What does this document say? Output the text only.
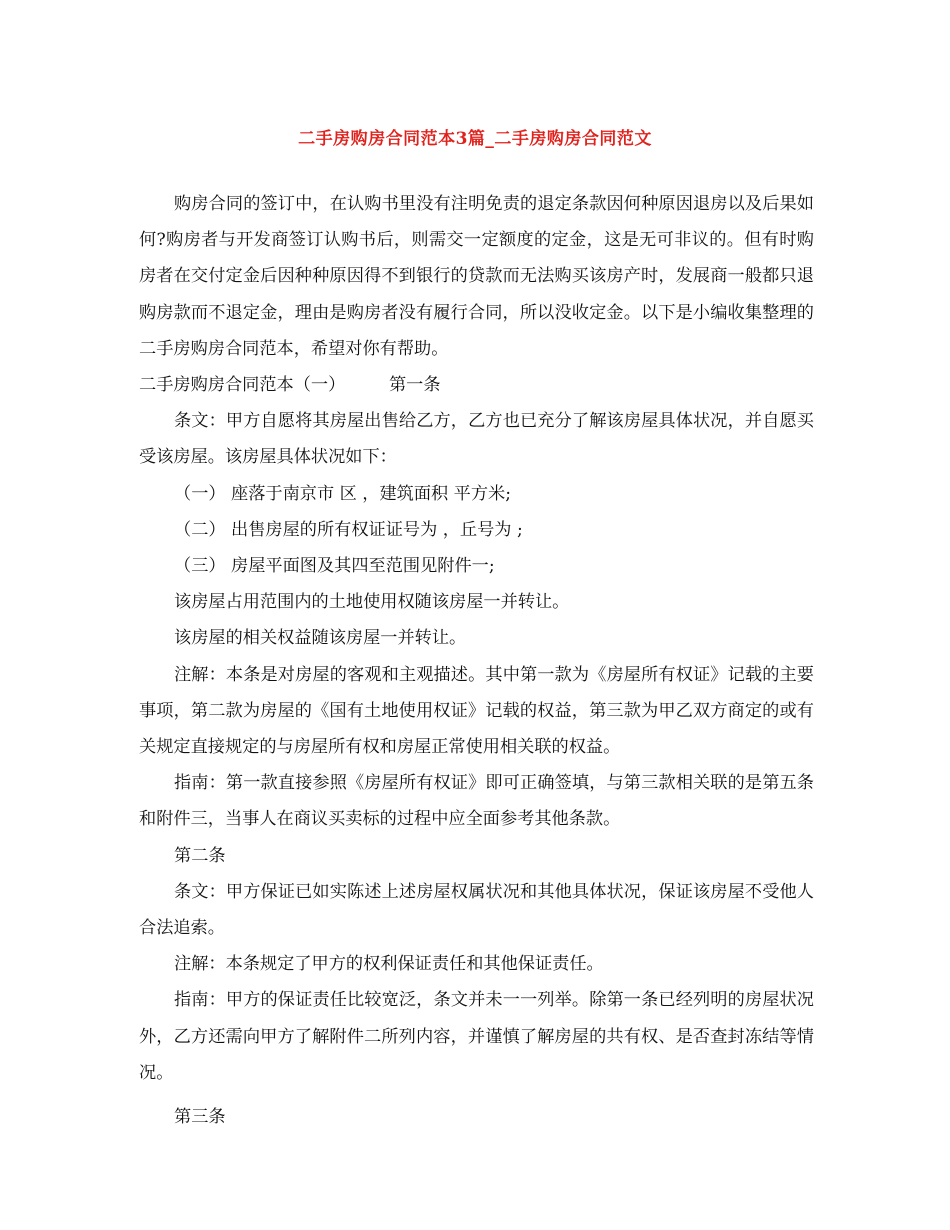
二手房购房合同范本3篇_二手房购房合同范文

购房合同的签订中，在认购书里没有注明免责的退定条款因何种原因退房以及后果如何?购房者与开发商签订认购书后，则需交一定额度的定金，这是无可非议的。但有时购房者在交付定金后因种种原因得不到银行的贷款而无法购买该房产时，发展商一般都只退购房款而不退定金，理由是购房者没有履行合同，所以没收定金。以下是小编收集整理的二手房购房合同范本，希望对你有帮助。

二手房购房合同范本（一）	第一条

条文：甲方自愿将其房屋出售给乙方，乙方也已充分了解该房屋具体状况，并自愿买受该房屋。该房屋具体状况如下：

（一） 座落于南京市 区 ，建筑面积 平方米;

（二） 出售房屋的所有权证证号为 ，丘号为 ;

（三） 房屋平面图及其四至范围见附件一;

该房屋占用范围内的土地使用权随该房屋一并转让。

该房屋的相关权益随该房屋一并转让。

注解：本条是对房屋的客观和主观描述。其中第一款为《房屋所有权证》记载的主要事项，第二款为房屋的《国有土地使用权证》记载的权益，第三款为甲乙双方商定的或有关规定直接规定的与房屋所有权和房屋正常使用相关联的权益。

指南：第一款直接参照《房屋所有权证》即可正确签填，与第三款相关联的是第五条和附件三，当事人在商议买卖标的过程中应全面参考其他条款。

第二条

条文：甲方保证已如实陈述上述房屋权属状况和其他具体状况，保证该房屋不受他人合法追索。

注解：本条规定了甲方的权利保证责任和其他保证责任。

指南：甲方的保证责任比较宽泛，条文并未一一列举。除第一条已经列明的房屋状况外，乙方还需向甲方了解附件二所列内容，并谨慎了解房屋的共有权、是否查封冻结等情况。

第三条
